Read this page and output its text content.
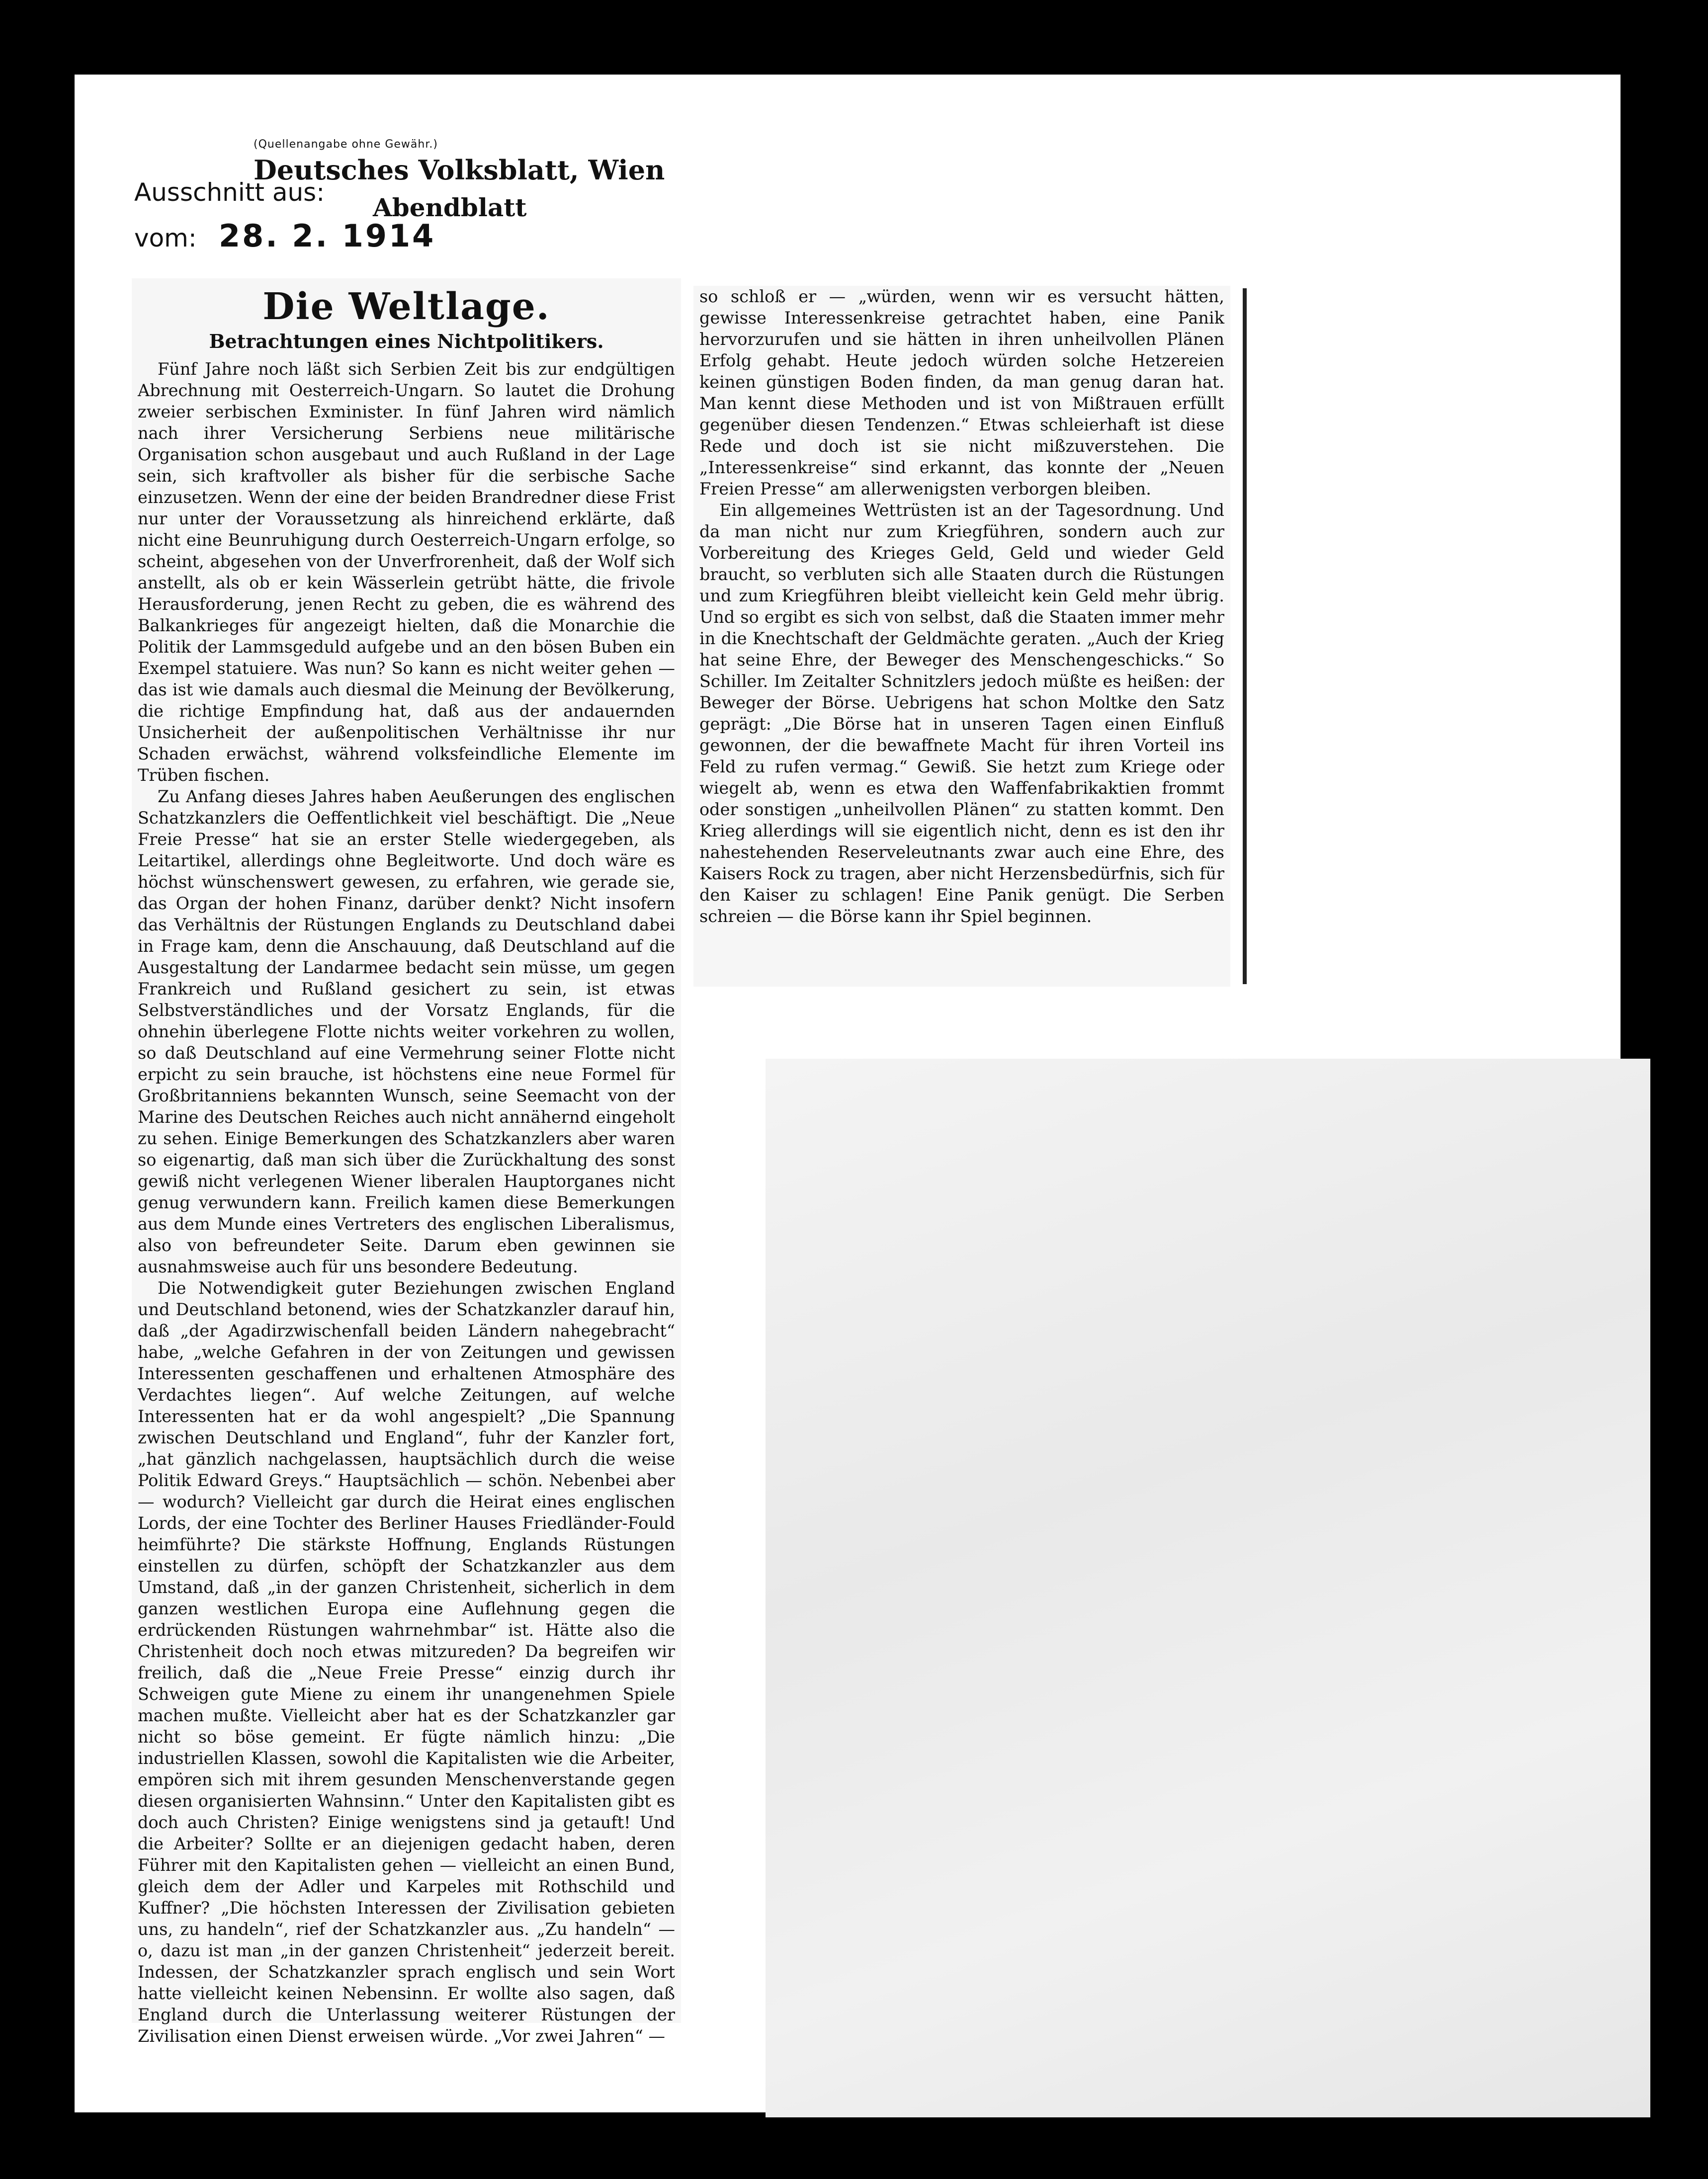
(Quellenangabe ohne Gewähr.)
Deutsches Volksblatt, Wien
Ausschnitt aus:
Abendblatt
vom: 28. 2. 1914
Die Weltlage.
Betrachtungen eines Nichtpolitikers.

Fünf Jahre noch läßt sich Serbien Zeit bis zur endgültigen Abrechnung mit Oesterreich-Ungarn. So lautet die Drohung zweier serbischen Exminister. In fünf Jahren wird nämlich nach ihrer Versicherung Serbiens neue militärische Organisation schon ausgebaut und auch Rußland in der Lage sein, sich kraftvoller als bisher für die serbische Sache einzusetzen. Wenn der eine der beiden Brandredner diese Frist nur unter der Voraussetzung als hinreichend erklärte, daß nicht eine Beunruhigung durch Oesterreich-Ungarn erfolge, so scheint, abgesehen von der Unverfrorenheit, daß der Wolf sich anstellt, als ob er kein Wässerlein getrübt hätte, die frivole Herausforderung, jenen Recht zu geben, die es während des Balkankrieges für angezeigt hielten, daß die Monarchie die Politik der Lammsgeduld aufgebe und an den bösen Buben ein Exempel statuiere. Was nun? So kann es nicht weiter gehen — das ist wie damals auch diesmal die Meinung der Bevölkerung, die richtige Empfindung hat, daß aus der andauernden Unsicherheit der außenpolitischen Verhältnisse ihr nur Schaden erwächst, während volksfeindliche Elemente im Trüben fischen.

Zu Anfang dieses Jahres haben Aeußerungen des englischen Schatzkanzlers die Oeffentlichkeit viel beschäftigt. Die „Neue Freie Presse“ hat sie an erster Stelle wiedergegeben, als Leitartikel, allerdings ohne Begleitworte. Und doch wäre es höchst wünschenswert gewesen, zu erfahren, wie gerade sie, das Organ der hohen Finanz, darüber denkt? Nicht insofern das Verhältnis der Rüstungen Englands zu Deutschland dabei in Frage kam, denn die Anschauung, daß Deutschland auf die Ausgestaltung der Landarmee bedacht sein müsse, um gegen Frankreich und Rußland gesichert zu sein, ist etwas Selbstverständliches und der Vorsatz Englands, für die ohnehin überlegene Flotte nichts weiter vorkehren zu wollen, so daß Deutschland auf eine Vermehrung seiner Flotte nicht erpicht zu sein brauche, ist höchstens eine neue Formel für Großbritanniens bekannten Wunsch, seine Seemacht von der Marine des Deutschen Reiches auch nicht annähernd eingeholt zu sehen. Einige Bemerkungen des Schatzkanzlers aber waren so eigenartig, daß man sich über die Zurückhaltung des sonst gewiß nicht verlegenen Wiener liberalen Hauptorganes nicht genug verwundern kann. Freilich kamen diese Bemerkungen aus dem Munde eines Vertreters des englischen Liberalismus, also von befreundeter Seite. Darum eben gewinnen sie ausnahmsweise auch für uns besondere Bedeutung.

Die Notwendigkeit guter Beziehungen zwischen England und Deutschland betonend, wies der Schatzkanzler darauf hin, daß „der Agadirzwischenfall beiden Ländern nahegebracht“ habe, „welche Gefahren in der von Zeitungen und gewissen Interessenten geschaffenen und erhaltenen Atmosphäre des Verdachtes liegen“. Auf welche Zeitungen, auf welche Interessenten hat er da wohl angespielt? „Die Spannung zwischen Deutschland und England“, fuhr der Kanzler fort, „hat gänzlich nachgelassen, hauptsächlich durch die weise Politik Edward Greys.“ Hauptsächlich — schön. Nebenbei aber — wodurch? Vielleicht gar durch die Heirat eines englischen Lords, der eine Tochter des Berliner Hauses Friedländer-Fould heimführte? Die stärkste Hoffnung, Englands Rüstungen einstellen zu dürfen, schöpft der Schatzkanzler aus dem Umstand, daß „in der ganzen Christenheit, sicherlich in dem ganzen westlichen Europa eine Auflehnung gegen die erdrückenden Rüstungen wahrnehmbar“ ist. Hätte also die Christenheit doch noch etwas mitzureden? Da begreifen wir freilich, daß die „Neue Freie Presse“ einzig durch ihr Schweigen gute Miene zu einem ihr unangenehmen Spiele machen mußte. Vielleicht aber hat es der Schatzkanzler gar nicht so böse gemeint. Er fügte nämlich hinzu: „Die industriellen Klassen, sowohl die Kapitalisten wie die Arbeiter, empören sich mit ihrem gesunden Menschenverstande gegen diesen organisierten Wahnsinn.“ Unter den Kapitalisten gibt es doch auch Christen? Einige wenigstens sind ja getauft! Und die Arbeiter? Sollte er an diejenigen gedacht haben, deren Führer mit den Kapitalisten gehen — vielleicht an einen Bund, gleich dem der Adler und Karpeles mit Rothschild und Kuffner? „Die höchsten Interessen der Zivilisation gebieten uns, zu handeln“, rief der Schatzkanzler aus. „Zu handeln“ — o, dazu ist man „in der ganzen Christenheit“ jederzeit bereit. Indessen, der Schatzkanzler sprach englisch und sein Wort hatte vielleicht keinen Nebensinn. Er wollte also sagen, daß England durch die Unterlassung weiterer Rüstungen der Zivilisation einen Dienst erweisen würde. „Vor zwei Jahren“ —

so schloß er — „würden, wenn wir es versucht hätten, gewisse Interessenkreise getrachtet haben, eine Panik hervorzurufen und sie hätten in ihren unheilvollen Plänen Erfolg gehabt. Heute jedoch würden solche Hetzereien keinen günstigen Boden finden, da man genug daran hat. Man kennt diese Methoden und ist von Mißtrauen erfüllt gegenüber diesen Tendenzen.“ Etwas schleierhaft ist diese Rede und doch ist sie nicht mißzuverstehen. Die „Interessenkreise“ sind erkannt, das konnte der „Neuen Freien Presse“ am allerwenigsten verborgen bleiben.

Ein allgemeines Wettrüsten ist an der Tagesordnung. Und da man nicht nur zum Kriegführen, sondern auch zur Vorbereitung des Krieges Geld, Geld und wieder Geld braucht, so verbluten sich alle Staaten durch die Rüstungen und zum Kriegführen bleibt vielleicht kein Geld mehr übrig. Und so ergibt es sich von selbst, daß die Staaten immer mehr in die Knechtschaft der Geldmächte geraten. „Auch der Krieg hat seine Ehre, der Beweger des Menschengeschicks.“ So Schiller. Im Zeitalter Schnitzlers jedoch müßte es heißen: der Beweger der Börse. Uebrigens hat schon Moltke den Satz geprägt: „Die Börse hat in unseren Tagen einen Einfluß gewonnen, der die bewaffnete Macht für ihren Vorteil ins Feld zu rufen vermag.“ Gewiß. Sie hetzt zum Kriege oder wiegelt ab, wenn es etwa den Waffenfabrikaktien frommt oder sonstigen „unheilvollen Plänen“ zu statten kommt. Den Krieg allerdings will sie eigentlich nicht, denn es ist den ihr nahestehenden Reserveleutnants zwar auch eine Ehre, des Kaisers Rock zu tragen, aber nicht Herzensbedürfnis, sich für den Kaiser zu schlagen! Eine Panik genügt. Die Serben schreien — die Börse kann ihr Spiel beginnen.
